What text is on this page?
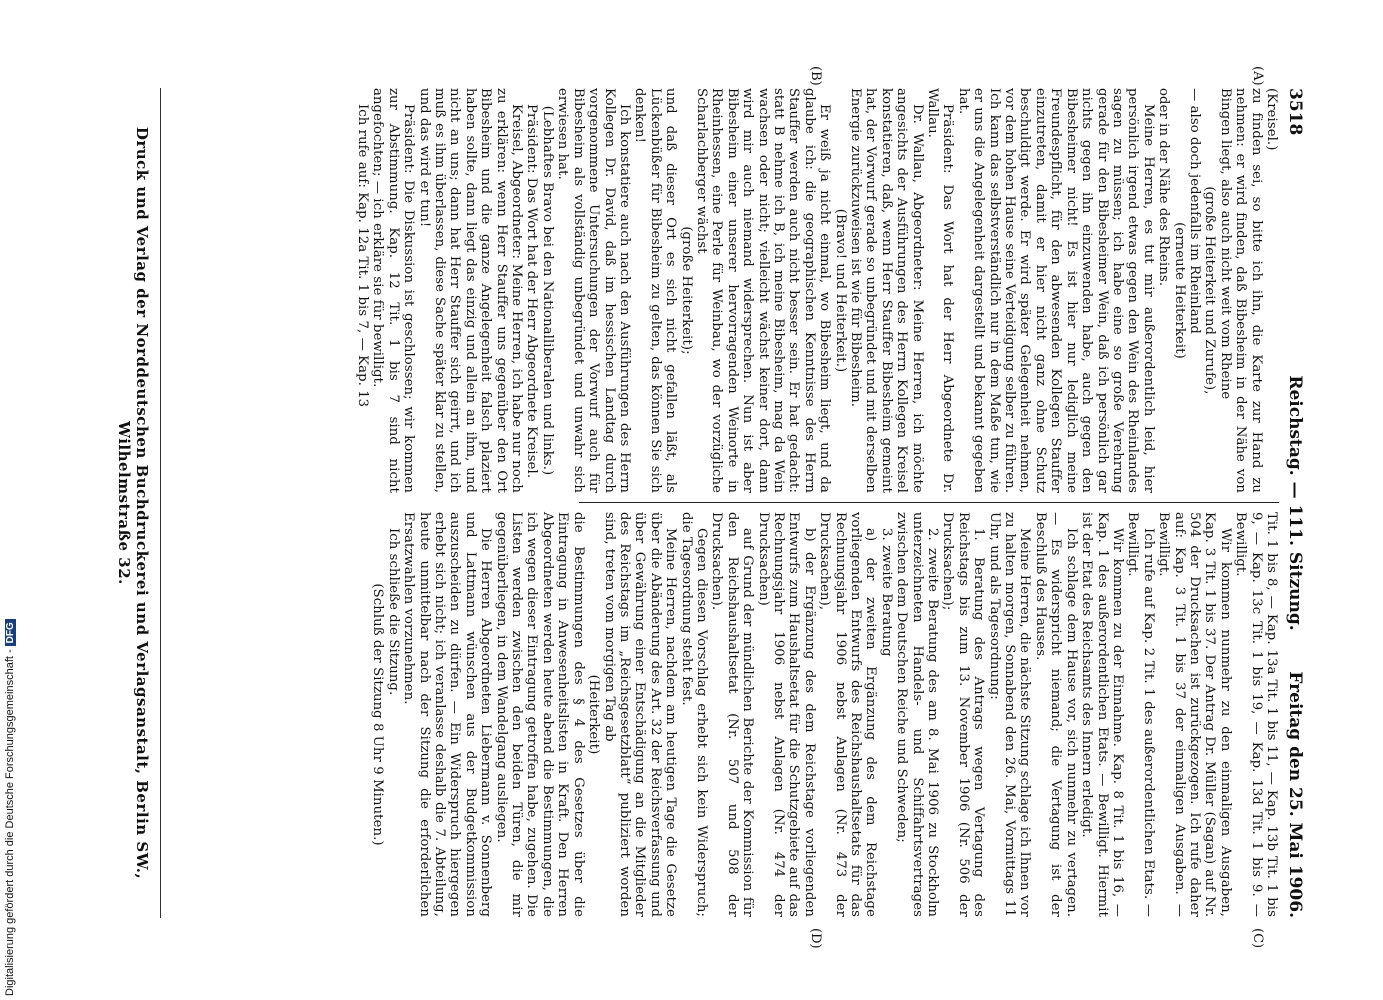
3518
Reichstag. — 111. Sitzung.
Freitag den 25. Mai 1906.
(A)
(B)
(C)
(D)

(Kreisel.)

zu finden sei, so bitte ich ihn, die Karte zur Hand zu nehmen: er wird finden, daß Bibesheim in der Nähe von Bingen liegt, also auch nicht weit vom Rheine

(große Heiterkeit und Zurufe),

— also doch jedenfalls im Rheinland

(erneute Heiterkeit)

oder in der Nähe des Rheins.

Meine Herren, es tut mir außerordentlich leid, hier persönlich irgend etwas gegen den Wein des Rheinlandes sagen zu müssen; ich habe eine so große Verehrung gerade für den Bibesheimer Wein, daß ich persönlich gar nichts gegen ihn einzuwenden habe, auch gegen den Bibesheimer nicht! Es ist hier nur lediglich meine Freundespflicht, für den abwesenden Kollegen Stauffer einzutreten, damit er hier nicht ganz ohne Schutz beschuldigt werde. Er wird später Gelegenheit nehmen, vor dem hohen Hause seine Verteidigung selber zu führen. Ich kann das selbstverständlich nur in dem Maße tun, wie er uns die Angelegenheit dargestellt und bekannt gegeben hat.

Präsident: Das Wort hat der Herr Abgeordnete Dr. Wallau.

Dr. Wallau, Abgeordneter: Meine Herren, ich möchte angesichts der Ausführungen des Herrn Kollegen Kreisel konstatieren, daß, wenn Herr Stauffer Bibesheim gemeint hat, der Vorwurf gerade so unbegründet und mit derselben Energie zurückzuweisen ist wie für Bibesheim.

(Bravo! und Heiterkeit.)

Er weiß ja nicht einmal, wo Bibesheim liegt, und da glaube ich: die geographischen Kenntnisse des Herrn Stauffer werden auch nicht besser sein. Er hat gedacht: statt B nehme ich B, ich meine Bibesheim, mag da Wein wachsen oder nicht; vielleicht wächst keiner dort, dann wird mir auch niemand widersprechen. Nun ist aber Bibesheim einer unserer hervorragenden Weinorte in Rheinhessen, eine Perle für Weinbau, wo der vorzügliche Scharlachberger wächst

(große Heiterkeit);

und daß dieser Ort es sich nicht gefallen läßt, als Lückenbüßer für Bibesheim zu gelten, das können Sie sich denken!

Ich konstatiere auch nach den Ausführungen des Herrn Kollegen Dr. David, daß im hessischen Landtag durch vorgenommene Untersuchungen der Vorwurf auch für Bibesheim als vollständig unbegründet und unwahr sich erwiesen hat.

(Lebhaftes Bravo bei den Nationalliberalen und links.)

Präsident: Das Wort hat der Herr Abgeordnete Kreisel.

Kreisel, Abgeordneter: Meine Herren, ich habe nur noch zu erklären: wenn Herr Stauffer uns gegenüber den Ort Bibesheim und die ganze Angelegenheit falsch plaziert haben sollte, dann liegt das einzig und allein an ihm, und nicht an uns; dann hat Herr Stauffer sich geirrt, und ich muß es ihm überlassen, diese Sache später klar zu stellen, und das wird er tun!

Präsident: Die Diskussion ist geschlossen; wir kommen zur Abstimmung. Kap. 12 Tit. 1 bis 7 sind nicht angefochten; — ich erkläre sie für bewilligt.

Ich rufe auf: Kap. 12a Tit. 1 bis 7, — Kap. 13

Tit. 1 bis 8, — Kap. 13a Tit. 1 bis 11, — Kap. 13b Tit. 1 bis 9, — Kap. 13c Tit. 1 bis 19, — Kap. 13d Tit. 1 bis 9. — Bewilligt.

Wir kommen nunmehr zu den einmaligen Ausgaben, Kap. 3 Tit. 1 bis 37. Der Antrag Dr. Müller (Sagan) auf Nr. 504 der Drucksachen ist zurückgezogen. Ich rufe daher auf: Kap. 3 Tit. 1 bis 37 der einmaligen Ausgaben. — Bewilligt.

Ich rufe auf Kap. 2 Tit. 1 des außerordentlichen Etats. — Bewilligt.

Wir kommen zu der Einnahme. Kap. 8 Tit. 1 bis 16, — Kap. 1 des außerordentlichen Etats. — Bewilligt. Hiermit ist der Etat des Reichsamts des Innern erledigt.

Ich schlage dem Hause vor, sich nunmehr zu vertagen. — Es widerspricht niemand; die Vertagung ist der Beschluß des Hauses.

Meine Herren, die nächste Sitzung schlage ich Ihnen vor zu halten morgen, Sonnabend den 26. Mai, Vormittags 11 Uhr, und als Tagesordnung:

1. Beratung des Antrags wegen Vertagung des Reichstags bis zum 13. November 1906 (Nr. 506 der Drucksachen);

2. zweite Beratung des am 8. Mai 1906 zu Stockholm unterzeichneten Handels- und Schiffahrtsvertrages zwischen dem Deutschen Reiche und Schweden;

3. zweite Beratung

a) der zweiten Ergänzung des dem Reichstage vorliegenden Entwurfs des Reichshaushaltsetats für das Rechnungsjahr 1906 nebst Anlagen (Nr. 473 der Drucksachen),

b) der Ergänzung des dem Reichstage vorliegenden Entwurfs zum Haushaltsetat für die Schutzgebiete auf das Rechnungsjahr 1906 nebst Anlagen (Nr. 474 der Drucksachen)

auf Grund der mündlichen Berichte der Kommission für den Reichshaushaltsetat (Nr. 507 und 508 der Drucksachen).

Gegen diesen Vorschlag erhebt sich kein Widerspruch; die Tagesordnung steht fest.

Meine Herren, nachdem am heutigen Tage die Gesetze über die Abänderung des Art. 32 der Reichsverfassung und über Gewährung einer Entschädigung an die Mitglieder des Reichstags im „Reichsgesetzblatt“ publiziert worden sind, treten vom morgigen Tag ab

(Heiterkeit)

die Bestimmungen des § 4 des Gesetzes über die Eintragung in Anwesenheitslisten in Kraft. Den Herren Abgeordneten werden heute abend die Bestimmungen, die ich wegen dieser Eintragung getroffen habe, zugehen. Die Listen werden zwischen den beiden Türen, die mir gegenüberliegen, in dem Wandelgang ausliegen.

Die Herren Abgeordneten Liebermann v. Sonnenberg und Lattmann wünschen aus der Budgetkommission auszuscheiden zu dürfen. — Ein Widerspruch hiergegen erhebt sich nicht; ich veranlasse deshalb die 7. Abteilung, heute unmittelbar nach der Sitzung die erforderlichen Ersatzwahlen vorzunehmen.

Ich schließe die Sitzung.

(Schluß der Sitzung 8 Uhr 9 Minuten.)

Druck und Verlag der Norddeutschen Buchdruckerei und Verlagsanstalt, Berlin SW., Wilhelmstraße 32.
Digitalisierung gefördert durch die Deutsche Forschungsgemeinschaft -DFG
